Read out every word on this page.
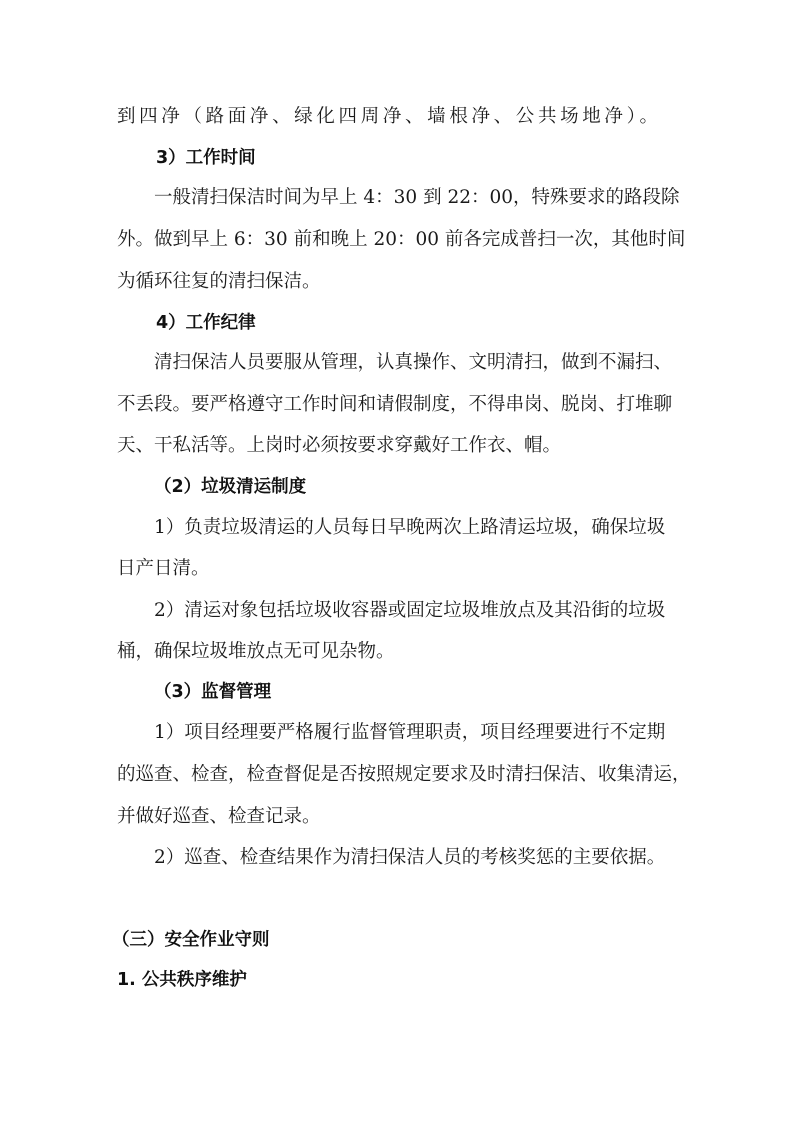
到四净（路面净、绿化四周净、墙根净、公共场地净）。
3）工作时间
一般清扫保洁时间为早上 4：30 到 22：00，特殊要求的路段除
外。做到早上 6：30 前和晚上 20：00 前各完成普扫一次，其他时间
为循环往复的清扫保洁。
4）工作纪律
清扫保洁人员要服从管理，认真操作、文明清扫，做到不漏扫、
不丢段。要严格遵守工作时间和请假制度，不得串岗、脱岗、打堆聊
天、干私活等。上岗时必须按要求穿戴好工作衣、帽。
（2）垃圾清运制度
1）负责垃圾清运的人员每日早晚两次上路清运垃圾，确保垃圾
日产日清。
2）清运对象包括垃圾收容器或固定垃圾堆放点及其沿街的垃圾
桶，确保垃圾堆放点无可见杂物。
（3）监督管理
1）项目经理要严格履行监督管理职责，项目经理要进行不定期
的巡查、检查，检查督促是否按照规定要求及时清扫保洁、收集清运，
并做好巡查、检查记录。
2）巡查、检查结果作为清扫保洁人员的考核奖惩的主要依据。
（三）安全作业守则
1. 公共秩序维护
